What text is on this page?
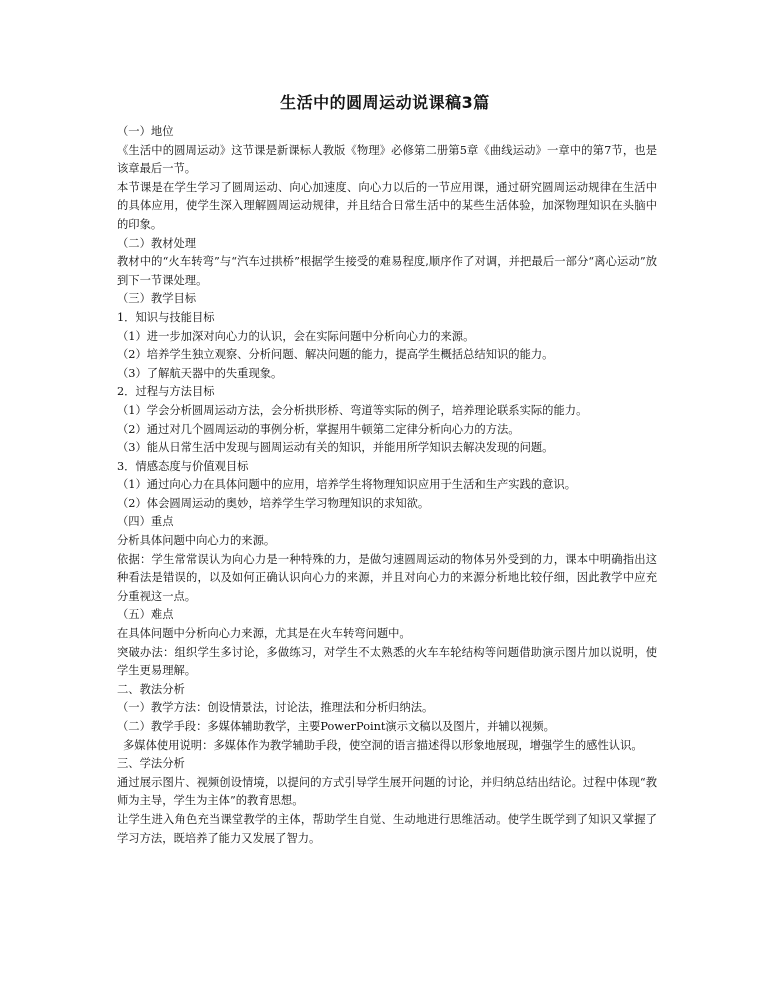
生活中的圆周运动说课稿3篇

（一）地位

《生活中的圆周运动》这节课是新课标人教版《物理》必修第二册第5章《曲线运动》一章中的第7节，也是该章最后一节。

本节课是在学生学习了圆周运动、向心加速度、向心力以后的一节应用课，通过研究圆周运动规律在生活中的具体应用，使学生深入理解圆周运动规律，并且结合日常生活中的某些生活体验，加深物理知识在头脑中的印象。

（二）教材处理

教材中的“火车转弯”与“汽车过拱桥”根据学生接受的难易程度,顺序作了对调，并把最后一部分“离心运动”放到下一节课处理。

（三）教学目标

1．知识与技能目标

（1）进一步加深对向心力的认识，会在实际问题中分析向心力的来源。

（2）培养学生独立观察、分析问题、解决问题的能力，提高学生概括总结知识的能力。

（3）了解航天器中的失重现象。

2．过程与方法目标

（1）学会分析圆周运动方法，会分析拱形桥、弯道等实际的例子，培养理论联系实际的能力。

（2）通过对几个圆周运动的事例分析，掌握用牛顿第二定律分析向心力的方法。

（3）能从日常生活中发现与圆周运动有关的知识，并能用所学知识去解决发现的问题。

3．情感态度与价值观目标

（1）通过向心力在具体问题中的应用，培养学生将物理知识应用于生活和生产实践的意识。

（2）体会圆周运动的奥妙，培养学生学习物理知识的求知欲。

（四）重点

分析具体问题中向心力的来源。

依据：学生常常误认为向心力是一种特殊的力，是做匀速圆周运动的物体另外受到的力，课本中明确指出这种看法是错误的，以及如何正确认识向心力的来源，并且对向心力的来源分析地比较仔细，因此教学中应充分重视这一点。

（五）难点

在具体问题中分析向心力来源，尤其是在火车转弯问题中。

突破办法：组织学生多讨论，多做练习，对学生不太熟悉的火车车轮结构等问题借助演示图片加以说明，使学生更易理解。

二、教法分析

（一）教学方法：创设情景法，讨论法，推理法和分析归纳法。

（二）教学手段：多媒体辅助教学，主要PowerPoint演示文稿以及图片，并辅以视频。

多媒体使用说明：多媒体作为教学辅助手段，使空洞的语言描述得以形象地展现，增强学生的感性认识。

三、学法分析

通过展示图片、视频创设情境，以提问的方式引导学生展开问题的讨论，并归纳总结出结论。过程中体现“教师为主导，学生为主体”的教育思想。

让学生进入角色充当课堂教学的主体，帮助学生自觉、生动地进行思维活动。使学生既学到了知识又掌握了学习方法，既培养了能力又发展了智力。
